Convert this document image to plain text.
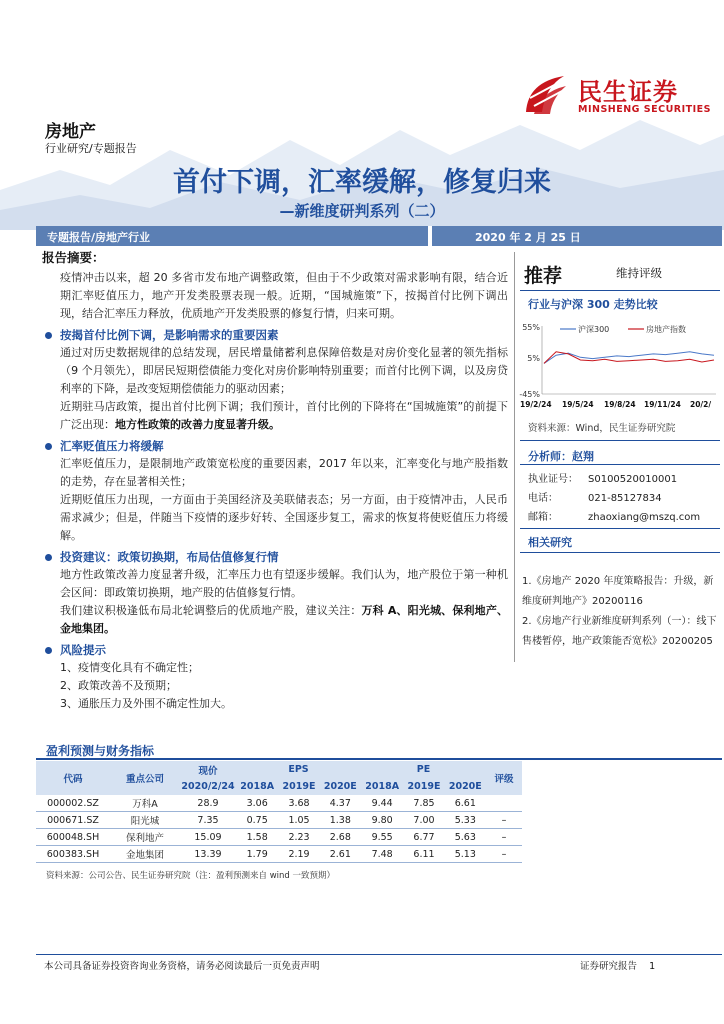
民生证券
MINSHENG SECURITIES
房地产
行业研究/专题报告
首付下调，汇率缓解，修复归来
—新维度研判系列（二）
专题报告/房地产行业	2020 年 2 月 25 日
报告摘要：

疫情冲击以来，超 20 多省市发布地产调整政策，但由于不少政策对需求影响有限，结合近期汇率贬值压力，地产开发类股票表现一般。近期，“国城施策”下，按揭首付比例下调出现，结合汇率压力释放，优质地产开发类股票的修复行情，归来可期。

按揭首付比例下调，是影响需求的重要因素

通过对历史数据规律的总结发现，居民增量储蓄利息保障倍数是对房价变化显著的领先指标（9 个月领先），即居民短期偿债能力变化对房价影响特别重要；而首付比例下调，以及房贷利率的下降，是改变短期偿债能力的驱动因素；

近期驻马店政策，提出首付比例下调；我们预计，首付比例的下降将在“国城施策”的前提下广泛出现：地方性政策的改善力度显著升级。

汇率贬值压力将缓解

汇率贬值压力，是限制地产政策宽松度的重要因素，2017 年以来，汇率变化与地产股指数的走势，存在显著相关性；

近期贬值压力出现，一方面由于美国经济及美联储表态；另一方面，由于疫情冲击，人民币需求减少；但是，伴随当下疫情的逐步好转、全国逐步复工，需求的恢复将使贬值压力将缓解。

投资建议：政策切换期，布局估值修复行情

地方性政策改善力度显著升级，汇率压力也有望逐步缓解。我们认为，地产股位于第一种机会区间：即政策切换期，地产股的估值修复行情。

我们建议积极逢低布局北轮调整后的优质地产股，建议关注：万科 A、阳光城、保利地产、金地集团。

风险提示

1、疫情变化具有不确定性；

2、政策改善不及预期；

3、通胀压力及外围不确定性加大。

推荐	维持评级
行业与沪深 300 走势比较
55%
5%
-45%
沪深300	房地产指数
19/2/24 19/5/24 19/8/24 19/11/24 20/2/
资料来源：Wind，民生证券研究院
分析师：赵翔
执业证号： S0100520010001
电话：	021-85127834
邮箱：	zhaoxiang@mszq.com
相关研究
1.《房地产 2020 年度策略报告：升级，新维度研判地产》20200116
2.《房地产行业新维度研判系列（一）：线下售楼暂停，地产政策能否宽松》20200205
盈利预测与财务指标
代码	重点公司	现价	EPS			PE			评级
		2020/2/24	2018A	2019E	2020E	2018A	2019E	2020E	
000002.SZ	万科A	28.9	3.06	3.68	4.37	9.44	7.85	6.61	
000671.SZ	阳光城	7.35	0.75	1.05	1.38	9.80	7.00	5.33	–
600048.SH	保利地产	15.09	1.58	2.23	2.68	9.55	6.77	5.63	–
600383.SH	金地集团	13.39	1.79	2.19	2.61	7.48	6.11	5.13	–
资料来源：公司公告、民生证券研究院（注：盈利预测来自 wind 一致预期）
本公司具备证券投资咨询业务资格，请务必阅读最后一页免责声明	证券研究报告 1
